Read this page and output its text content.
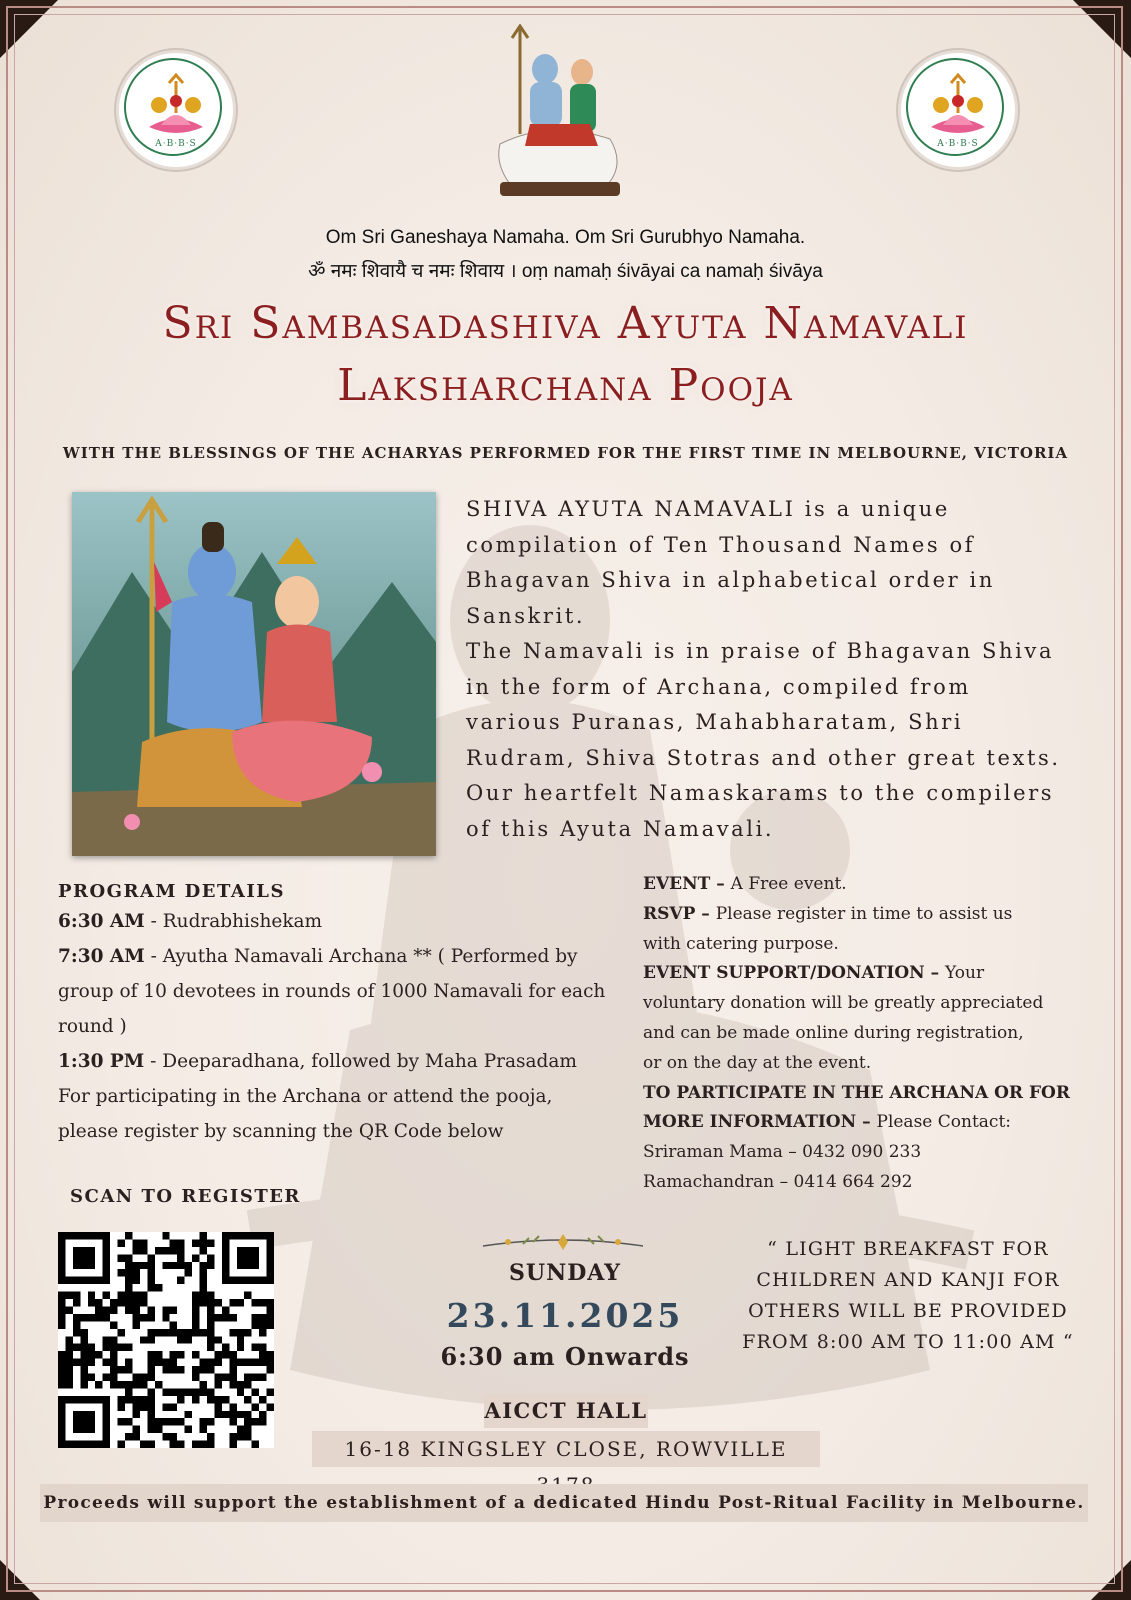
A·B·B·S	A·B·B·S
Om Sri Ganeshaya Namaha. Om Sri Gurubhyo Namaha.
ॐ नमः शिवायै च नमः शिवाय । oṃ namaḥ śivāyai ca namaḥ śivāya
Sri Sambasadashiva Ayuta Namavali
Laksharchana Pooja
WITH THE BLESSINGS OF THE ACHARYAS PERFORMED FOR THE FIRST TIME IN MELBOURNE, VICTORIA
SHIVA AYUTA NAMAVALI is a unique
compilation of Ten Thousand Names of
Bhagavan Shiva in alphabetical order in
Sanskrit.
The Namavali is in praise of Bhagavan Shiva
in the form of Archana, compiled from
various Puranas, Mahabharatam, Shri
Rudram, Shiva Stotras and other great texts.
Our heartfelt Namaskarams to the compilers
of this Ayuta Namavali.
PROGRAM DETAILS
6:30 AM - Rudrabhishekam
7:30 AM - Ayutha Namavali Archana ** ( Performed by
group of 10 devotees in rounds of 1000 Namavali for each
round )
1:30 PM - Deeparadhana, followed by Maha Prasadam
For participating in the Archana or attend the pooja,
please register by scanning the QR Code below
EVENT – A Free event.
RSVP – Please register in time to assist us
with catering purpose.
EVENT SUPPORT/DONATION – Your
voluntary donation will be greatly appreciated
and can be made online during registration,
or on the day at the event.
TO PARTICIPATE IN THE ARCHANA OR FOR
MORE INFORMATION – Please Contact:
Sriraman Mama – 0432 090 233
Ramachandran – 0414 664 292
SCAN TO REGISTER
SUNDAY
23.11.2025
6:30 am Onwards
“ LIGHT BREAKFAST FOR
CHILDREN AND KANJI FOR
OTHERS WILL BE PROVIDED
FROM 8:00 AM TO 11:00 AM “
AICCT HALL
16-18 KINGSLEY CLOSE, ROWVILLE
Proceeds will support the establishment of a dedicated Hindu Post-Ritual Facility in Melbourne.
